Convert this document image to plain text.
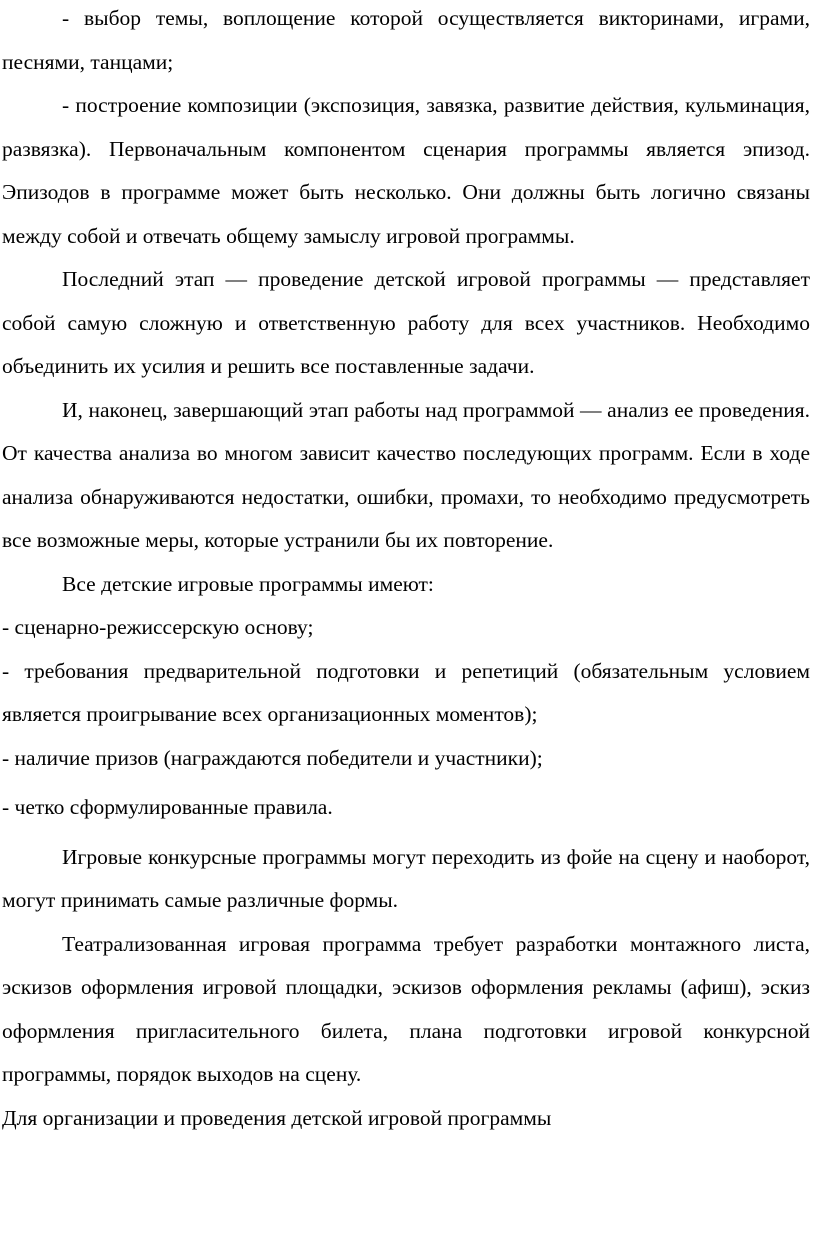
- выбор темы, воплощение которой осуществляется викторинами, играми, песнями, танцами;

- построение композиции (экспозиция, завязка, развитие действия, кульминация, развязка). Первоначальным компонентом сценария программы является эпизод. Эпизодов в программе может быть несколько. Они должны быть логично связаны между собой и отвечать общему замыслу игровой программы.

Последний этап — проведение детской игровой программы — представляет собой самую сложную и ответственную работу для всех участников. Необходимо объединить их усилия и решить все поставленные задачи.

И, наконец, завершающий этап работы над программой — анализ ее проведения. От качества анализа во многом зависит качество последующих программ. Если в ходе анализа обнаруживаются недостатки, ошибки, промахи, то необходимо предусмотреть все возможные меры, которые устранили бы их повторение.

Все детские игровые программы имеют:

- сценарно-режиссерскую основу;

- требования предварительной подготовки и репетиций (обязательным условием является проигрывание всех организационных моментов);

- наличие призов (награждаются победители и участники);

- четко сформулированные правила.

Игровые конкурсные программы могут переходить из фойе на сцену и наоборот, могут принимать самые различные формы.

Театрализованная игровая программа требует разработки монтажного листа, эскизов оформления игровой площадки, эскизов оформления рекламы (афиш), эскиз оформления пригласительного билета, плана подготовки игровой конкурсной программы, порядок выходов на сцену.

Для организации и проведения детской игровой программы
